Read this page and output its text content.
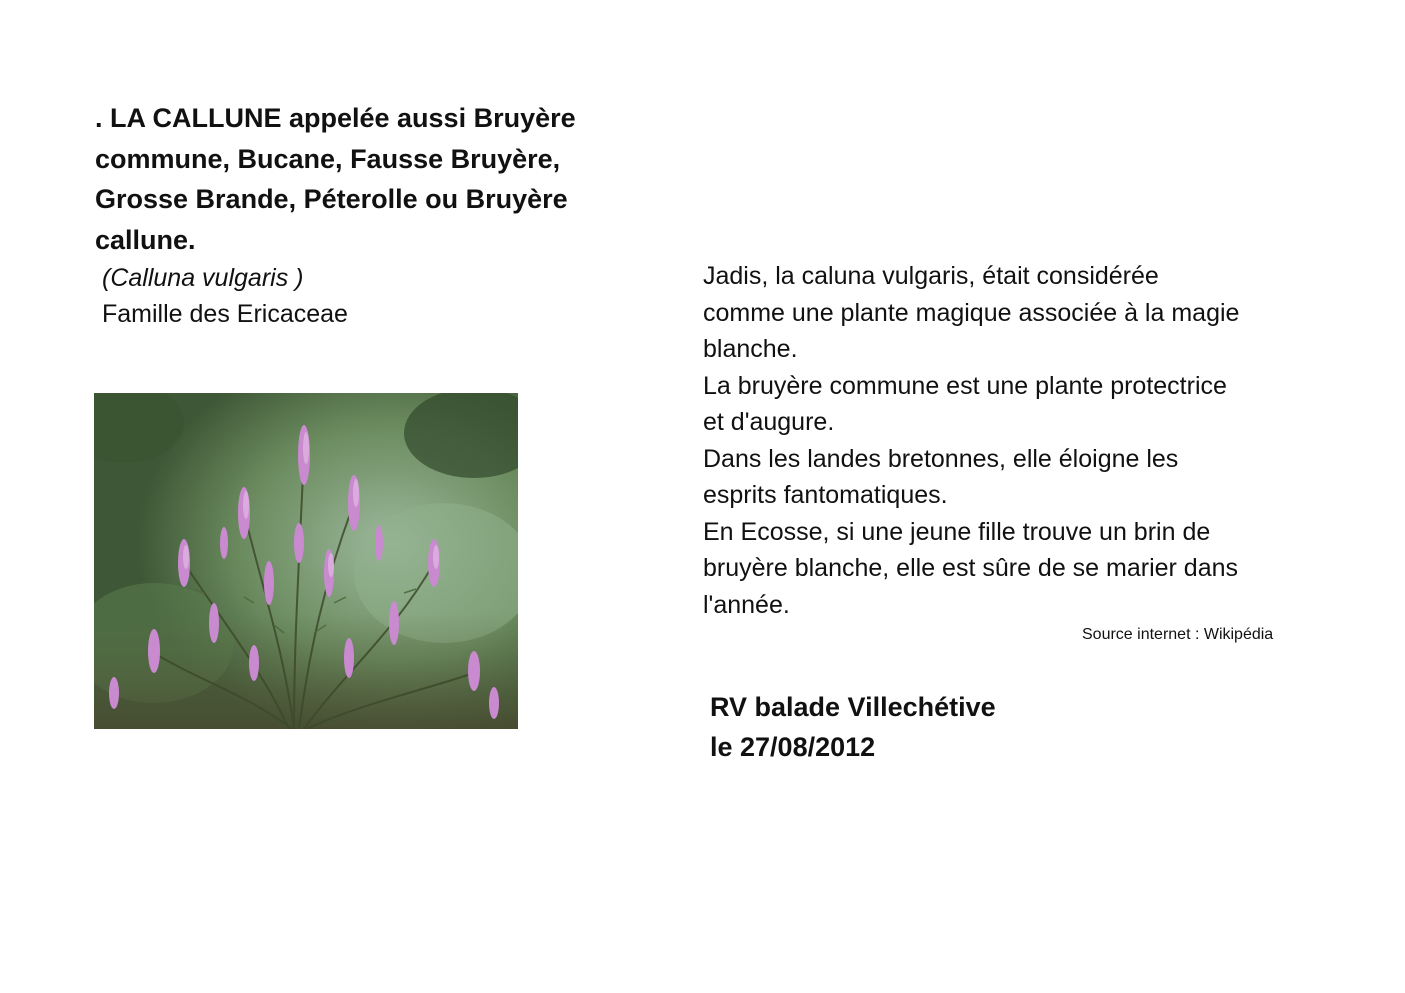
. LA CALLUNE appelée aussi Bruyère
commune, Bucane, Fausse Bruyère,
Grosse Brande, Péterolle ou Bruyère
callune.
(Calluna vulgaris )
Famille des Ericaceae
Jadis, la caluna vulgaris, était considérée
comme une plante magique associée à la magie
blanche.
La bruyère commune est une plante protectrice
et d'augure.
Dans les landes bretonnes, elle éloigne les
esprits fantomatiques.
En Ecosse, si une jeune fille trouve un brin de
bruyère blanche, elle est sûre de se marier dans
l'année.
Source internet : Wikipédia
RV balade Villechétive
le 27/08/2012
